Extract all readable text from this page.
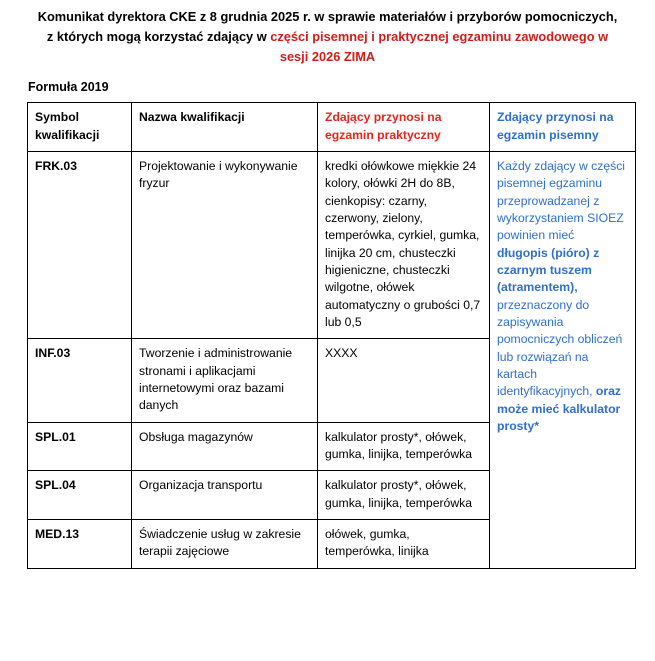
Komunikat dyrektora CKE z 8 grudnia 2025 r. w sprawie materiałów i przyborów pomocniczych, z których mogą korzystać zdający w części pisemnej i praktycznej egzaminu zawodowego w sesji 2026 ZIMA
Formuła 2019
Symbol kwalifikacji	Nazwa kwalifikacji	Zdający przynosi na egzamin praktyczny	Zdający przynosi na egzamin pisemny
FRK.03	Projektowanie i wykonywanie fryzur	kredki ołówkowe miękkie 24 kolory, ołówki 2H do 8B, cienkopisy: czarny, czerwony, zielony, temperówka, cyrkiel, gumka, linijka 20 cm, chusteczki higieniczne, chusteczki wilgotne, ołówek automatyczny o grubości 0,7 lub 0,5	Każdy zdający w części pisemnej egzaminu przeprowadzanej z wykorzystaniem SIOEZ powinien mieć długopis (pióro) z czarnym tuszem (atramentem), przeznaczony do zapisywania pomocniczych obliczeń lub rozwiązań na kartach identyfikacyjnych, oraz może mieć kalkulator prosty*
INF.03	Tworzenie i administrowanie stronami i aplikacjami internetowymi oraz bazami danych	XXXX	
SPL.01	Obsługa magazynów	kalkulator prosty*, ołówek, gumka, linijka, temperówka	
SPL.04	Organizacja transportu	kalkulator prosty*, ołówek, gumka, linijka, temperówka	
MED.13	Świadczenie usług w zakresie terapii zajęciowe	ołówek, gumka, temperówka, linijka	
